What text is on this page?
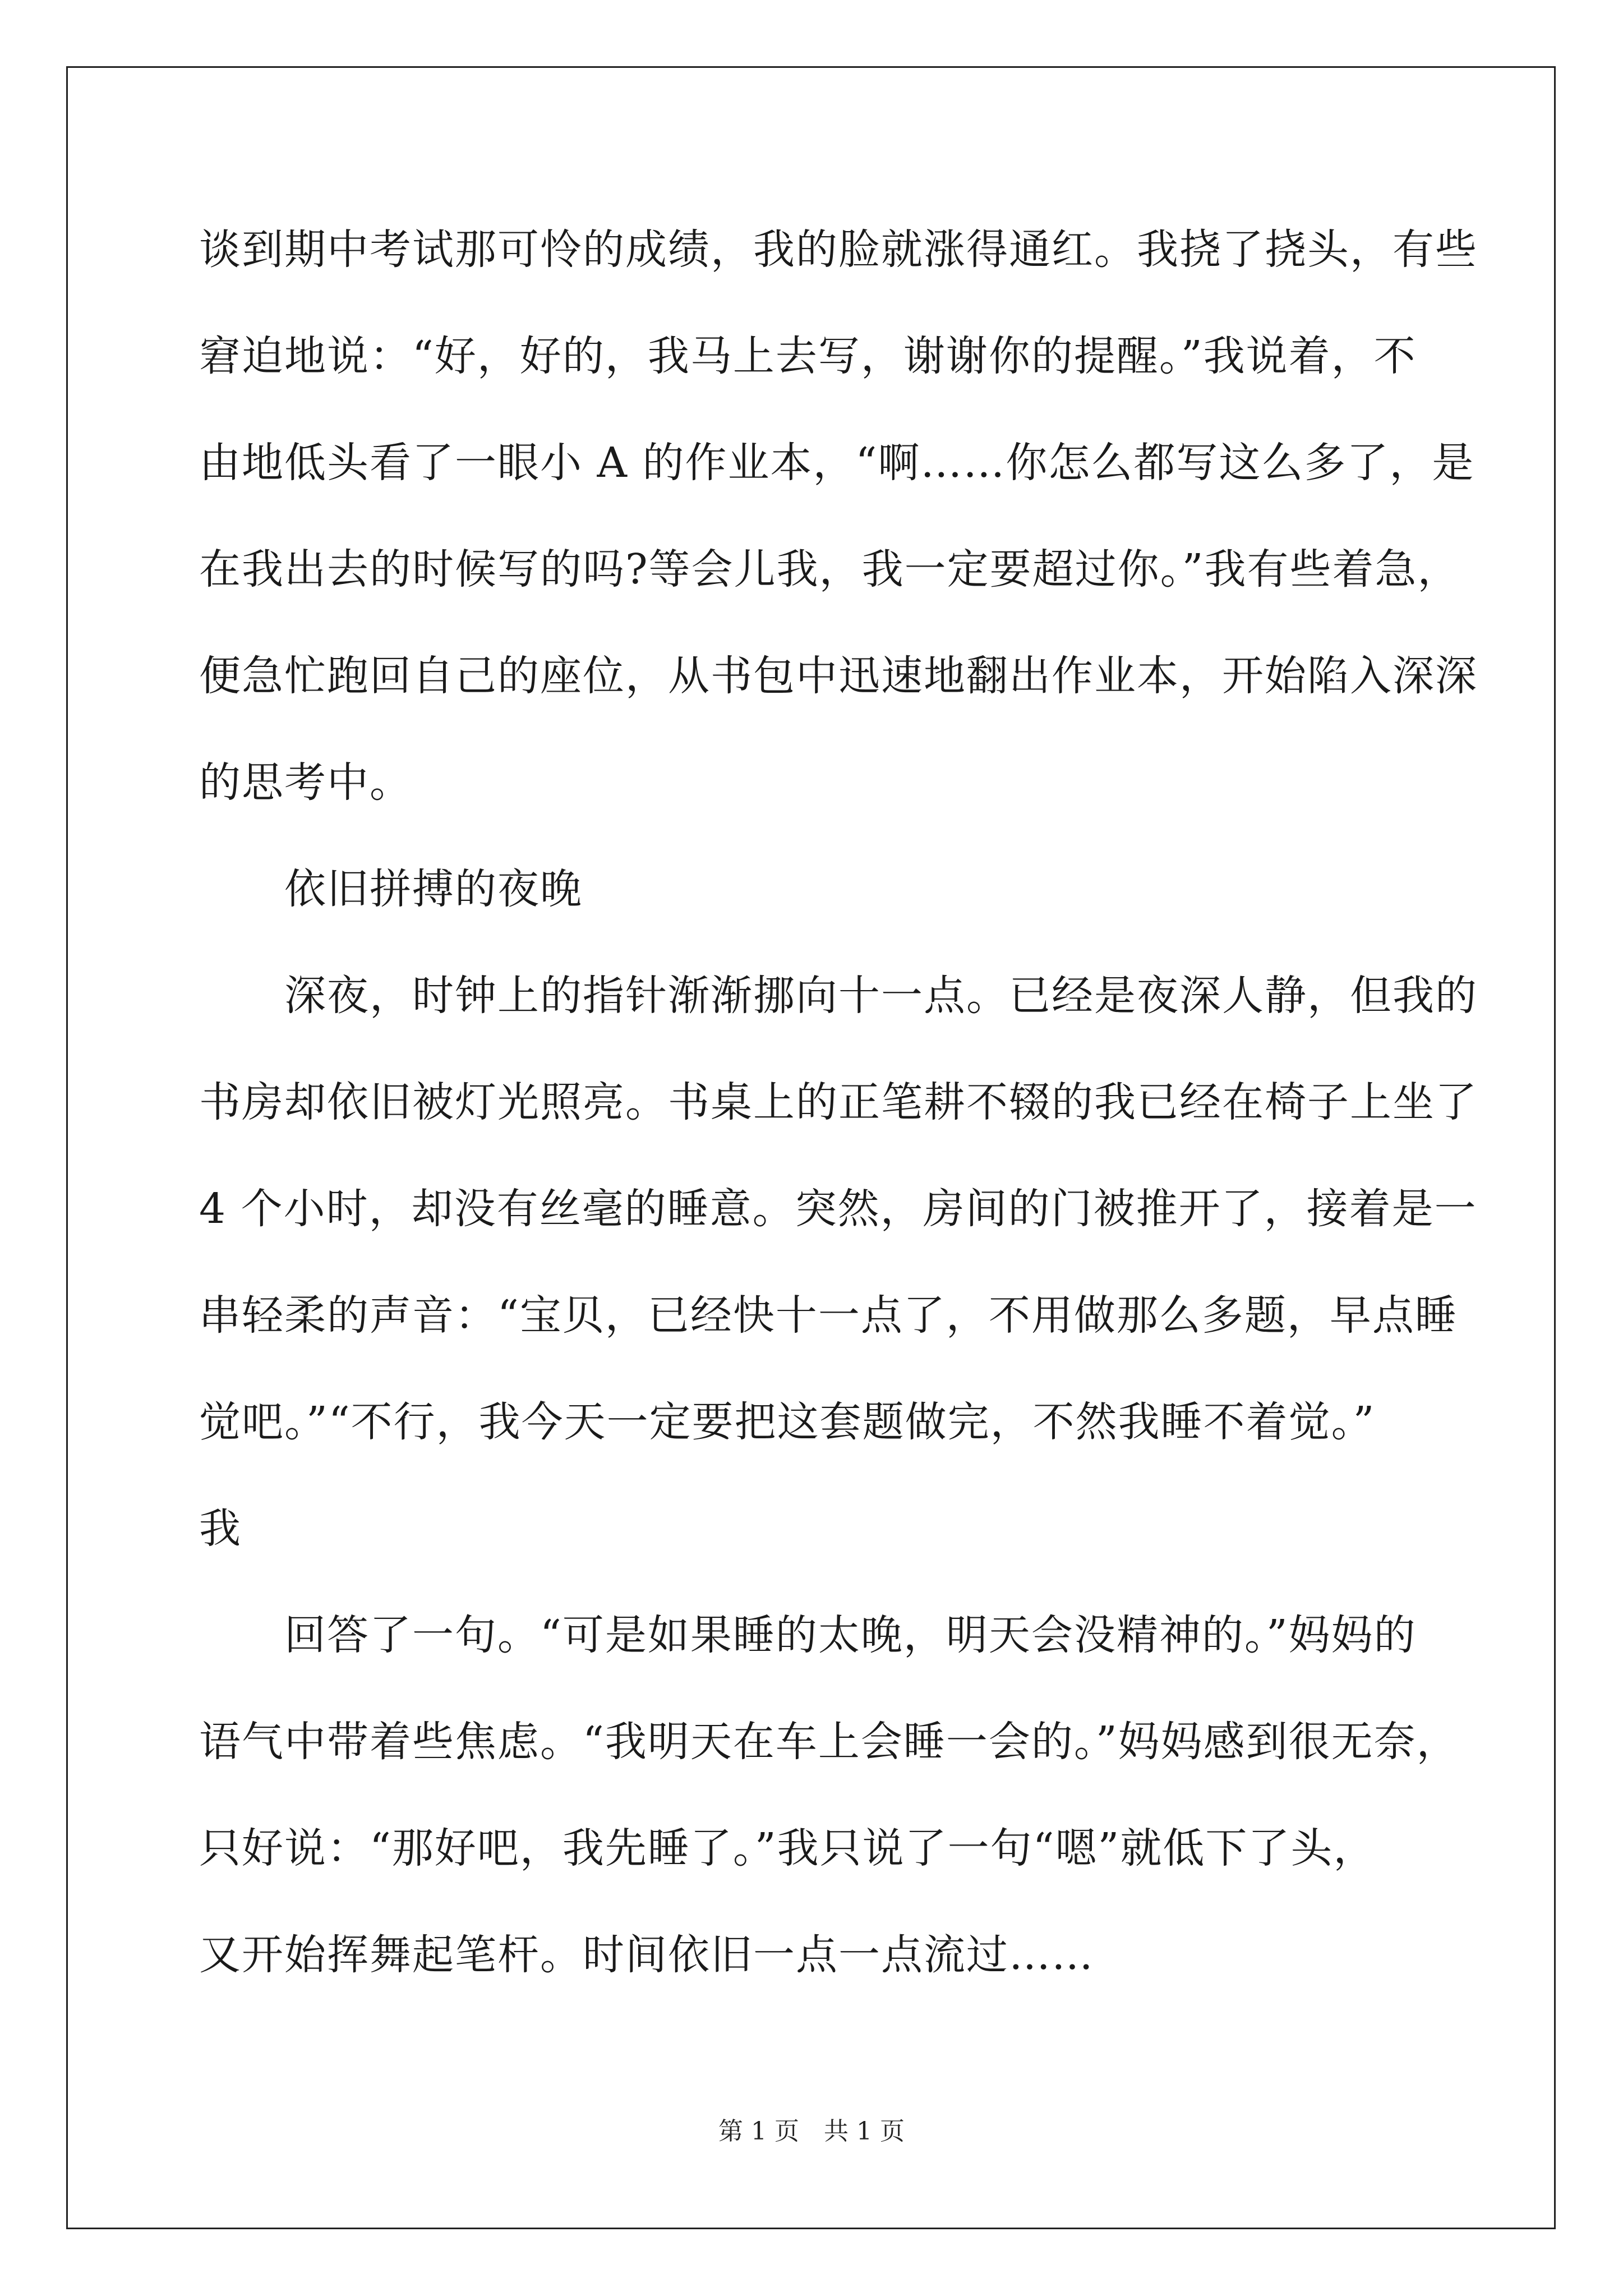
谈到期中考试那可怜的成绩，我的脸就涨得通红。我挠了挠头，有些
窘迫地说：“好，好的，我马上去写，谢谢你的提醒。”我说着，不
由地低头看了一眼小 A 的作业本，“啊……你怎么都写这么多了，是
在我出去的时候写的吗?等会儿我，我一定要超过你。”我有些着急，
便急忙跑回自己的座位，从书包中迅速地翻出作业本，开始陷入深深
的思考中。
　　依旧拼搏的夜晚
　　深夜，时钟上的指针渐渐挪向十一点。已经是夜深人静，但我的
书房却依旧被灯光照亮。书桌上的正笔耕不辍的我已经在椅子上坐了
4 个小时，却没有丝毫的睡意。突然，房间的门被推开了，接着是一
串轻柔的声音：“宝贝，已经快十一点了，不用做那么多题，早点睡
觉吧。”“不行，我今天一定要把这套题做完，不然我睡不着觉。”
我
　　回答了一句。“可是如果睡的太晚，明天会没精神的。”妈妈的
语气中带着些焦虑。“我明天在车上会睡一会的。”妈妈感到很无奈，
只好说：“那好吧，我先睡了。”我只说了一句“嗯”就低下了头，
又开始挥舞起笔杆。时间依旧一点一点流过……
第 1 页　共 1 页
